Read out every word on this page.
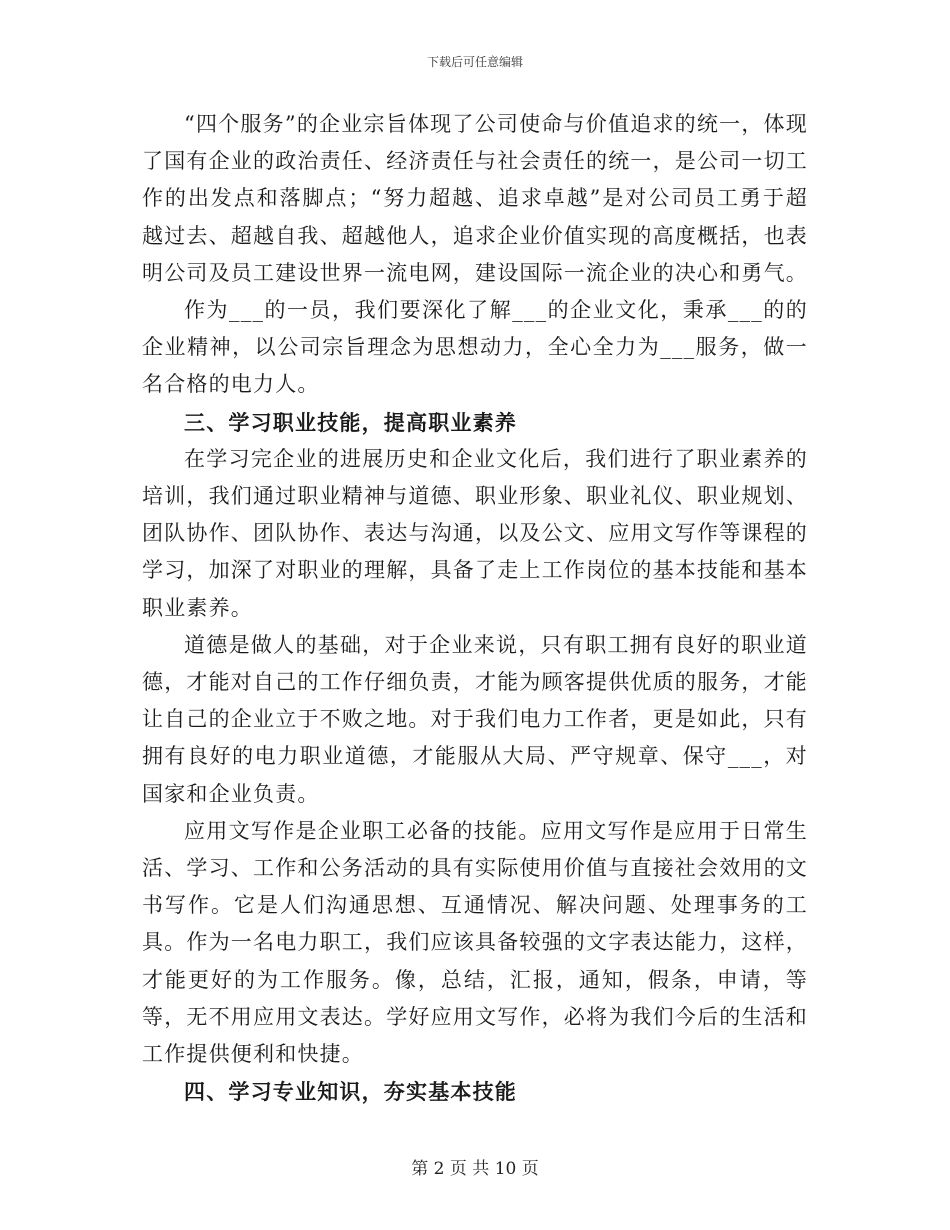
下载后可任意编辑

“四个服务”的企业宗旨体现了公司使命与价值追求的统一，体现了国有企业的政治责任、经济责任与社会责任的统一，是公司一切工作的出发点和落脚点；“努力超越、追求卓越”是对公司员工勇于超越过去、超越自我、超越他人，追求企业价值实现的高度概括，也表明公司及员工建设世界一流电网，建设国际一流企业的决心和勇气。

作为___的一员，我们要深化了解___的企业文化，秉承___的的企业精神，以公司宗旨理念为思想动力，全心全力为___服务，做一名合格的电力人。

三、学习职业技能，提高职业素养

在学习完企业的进展历史和企业文化后，我们进行了职业素养的培训，我们通过职业精神与道德、职业形象、职业礼仪、职业规划、团队协作、团队协作、表达与沟通，以及公文、应用文写作等课程的学习，加深了对职业的理解，具备了走上工作岗位的基本技能和基本职业素养。

道德是做人的基础，对于企业来说，只有职工拥有良好的职业道德，才能对自己的工作仔细负责，才能为顾客提供优质的服务，才能让自己的企业立于不败之地。对于我们电力工作者，更是如此，只有拥有良好的电力职业道德，才能服从大局、严守规章、保守___，对国家和企业负责。

应用文写作是企业职工必备的技能。应用文写作是应用于日常生活、学习、工作和公务活动的具有实际使用价值与直接社会效用的文书写作。它是人们沟通思想、互通情况、解决问题、处理事务的工具。作为一名电力职工，我们应该具备较强的文字表达能力，这样，才能更好的为工作服务。像，总结，汇报，通知，假条，申请，等等，无不用应用文表达。学好应用文写作，必将为我们今后的生活和工作提供便利和快捷。

四、学习专业知识，夯实基本技能

第 2 页 共 10 页
